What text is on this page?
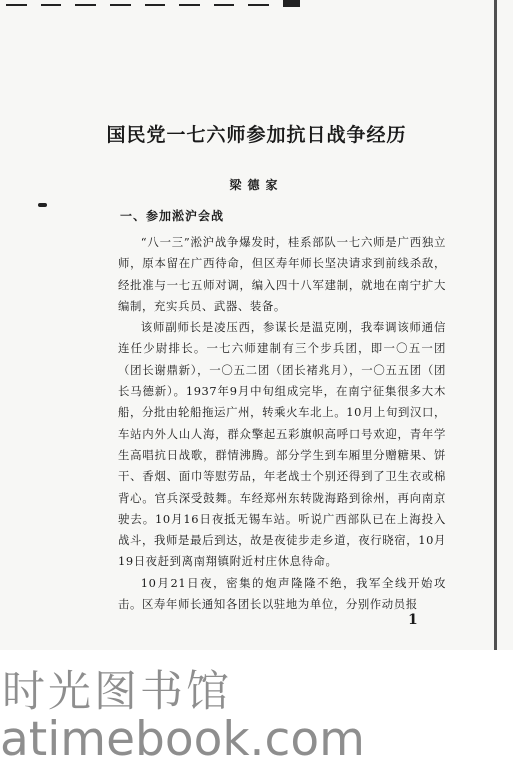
国民党一七六师参加抗日战争经历
梁德家
一、参加淞沪会战

“八一三”淞沪战争爆发时，桂系部队一七六师是广西独立师，原本留在广西待命，但区寿年师长坚决请求到前线杀敌，经批准与一七五师对调，编入四十八军建制，就地在南宁扩大编制，充实兵员、武器、装备。

该师副师长是凌压西，参谋长是温克刚，我奉调该师通信连任少尉排长。一七六师建制有三个步兵团，即一〇五一团（团长谢鼎新），一〇五二团（团长褚兆月），一〇五五团（团长马德新）。1937年9月中旬组成完毕，在南宁征集很多大木船，分批由轮船拖运广州，转乘火车北上。10月上旬到汉口，车站内外人山人海，群众擎起五彩旗帜高呼口号欢迎，青年学生高唱抗日战歌，群情沸腾。部分学生到车厢里分赠糖果、饼干、香烟、面巾等慰劳品，年老战士个别还得到了卫生衣或棉背心。官兵深受鼓舞。车经郑州东转陇海路到徐州，再向南京驶去。10月16日夜抵无锡车站。听说广西部队已在上海投入战斗，我师是最后到达，故是夜徒步走乡道，夜行晓宿，10月19日夜赶到离南翔镇附近村庄休息待命。

10月21日夜，密集的炮声隆隆不绝，我军全线开始攻击。区寿年师长通知各团长以驻地为单位，分别作动员报

1
时光图书馆
atimebook.com
